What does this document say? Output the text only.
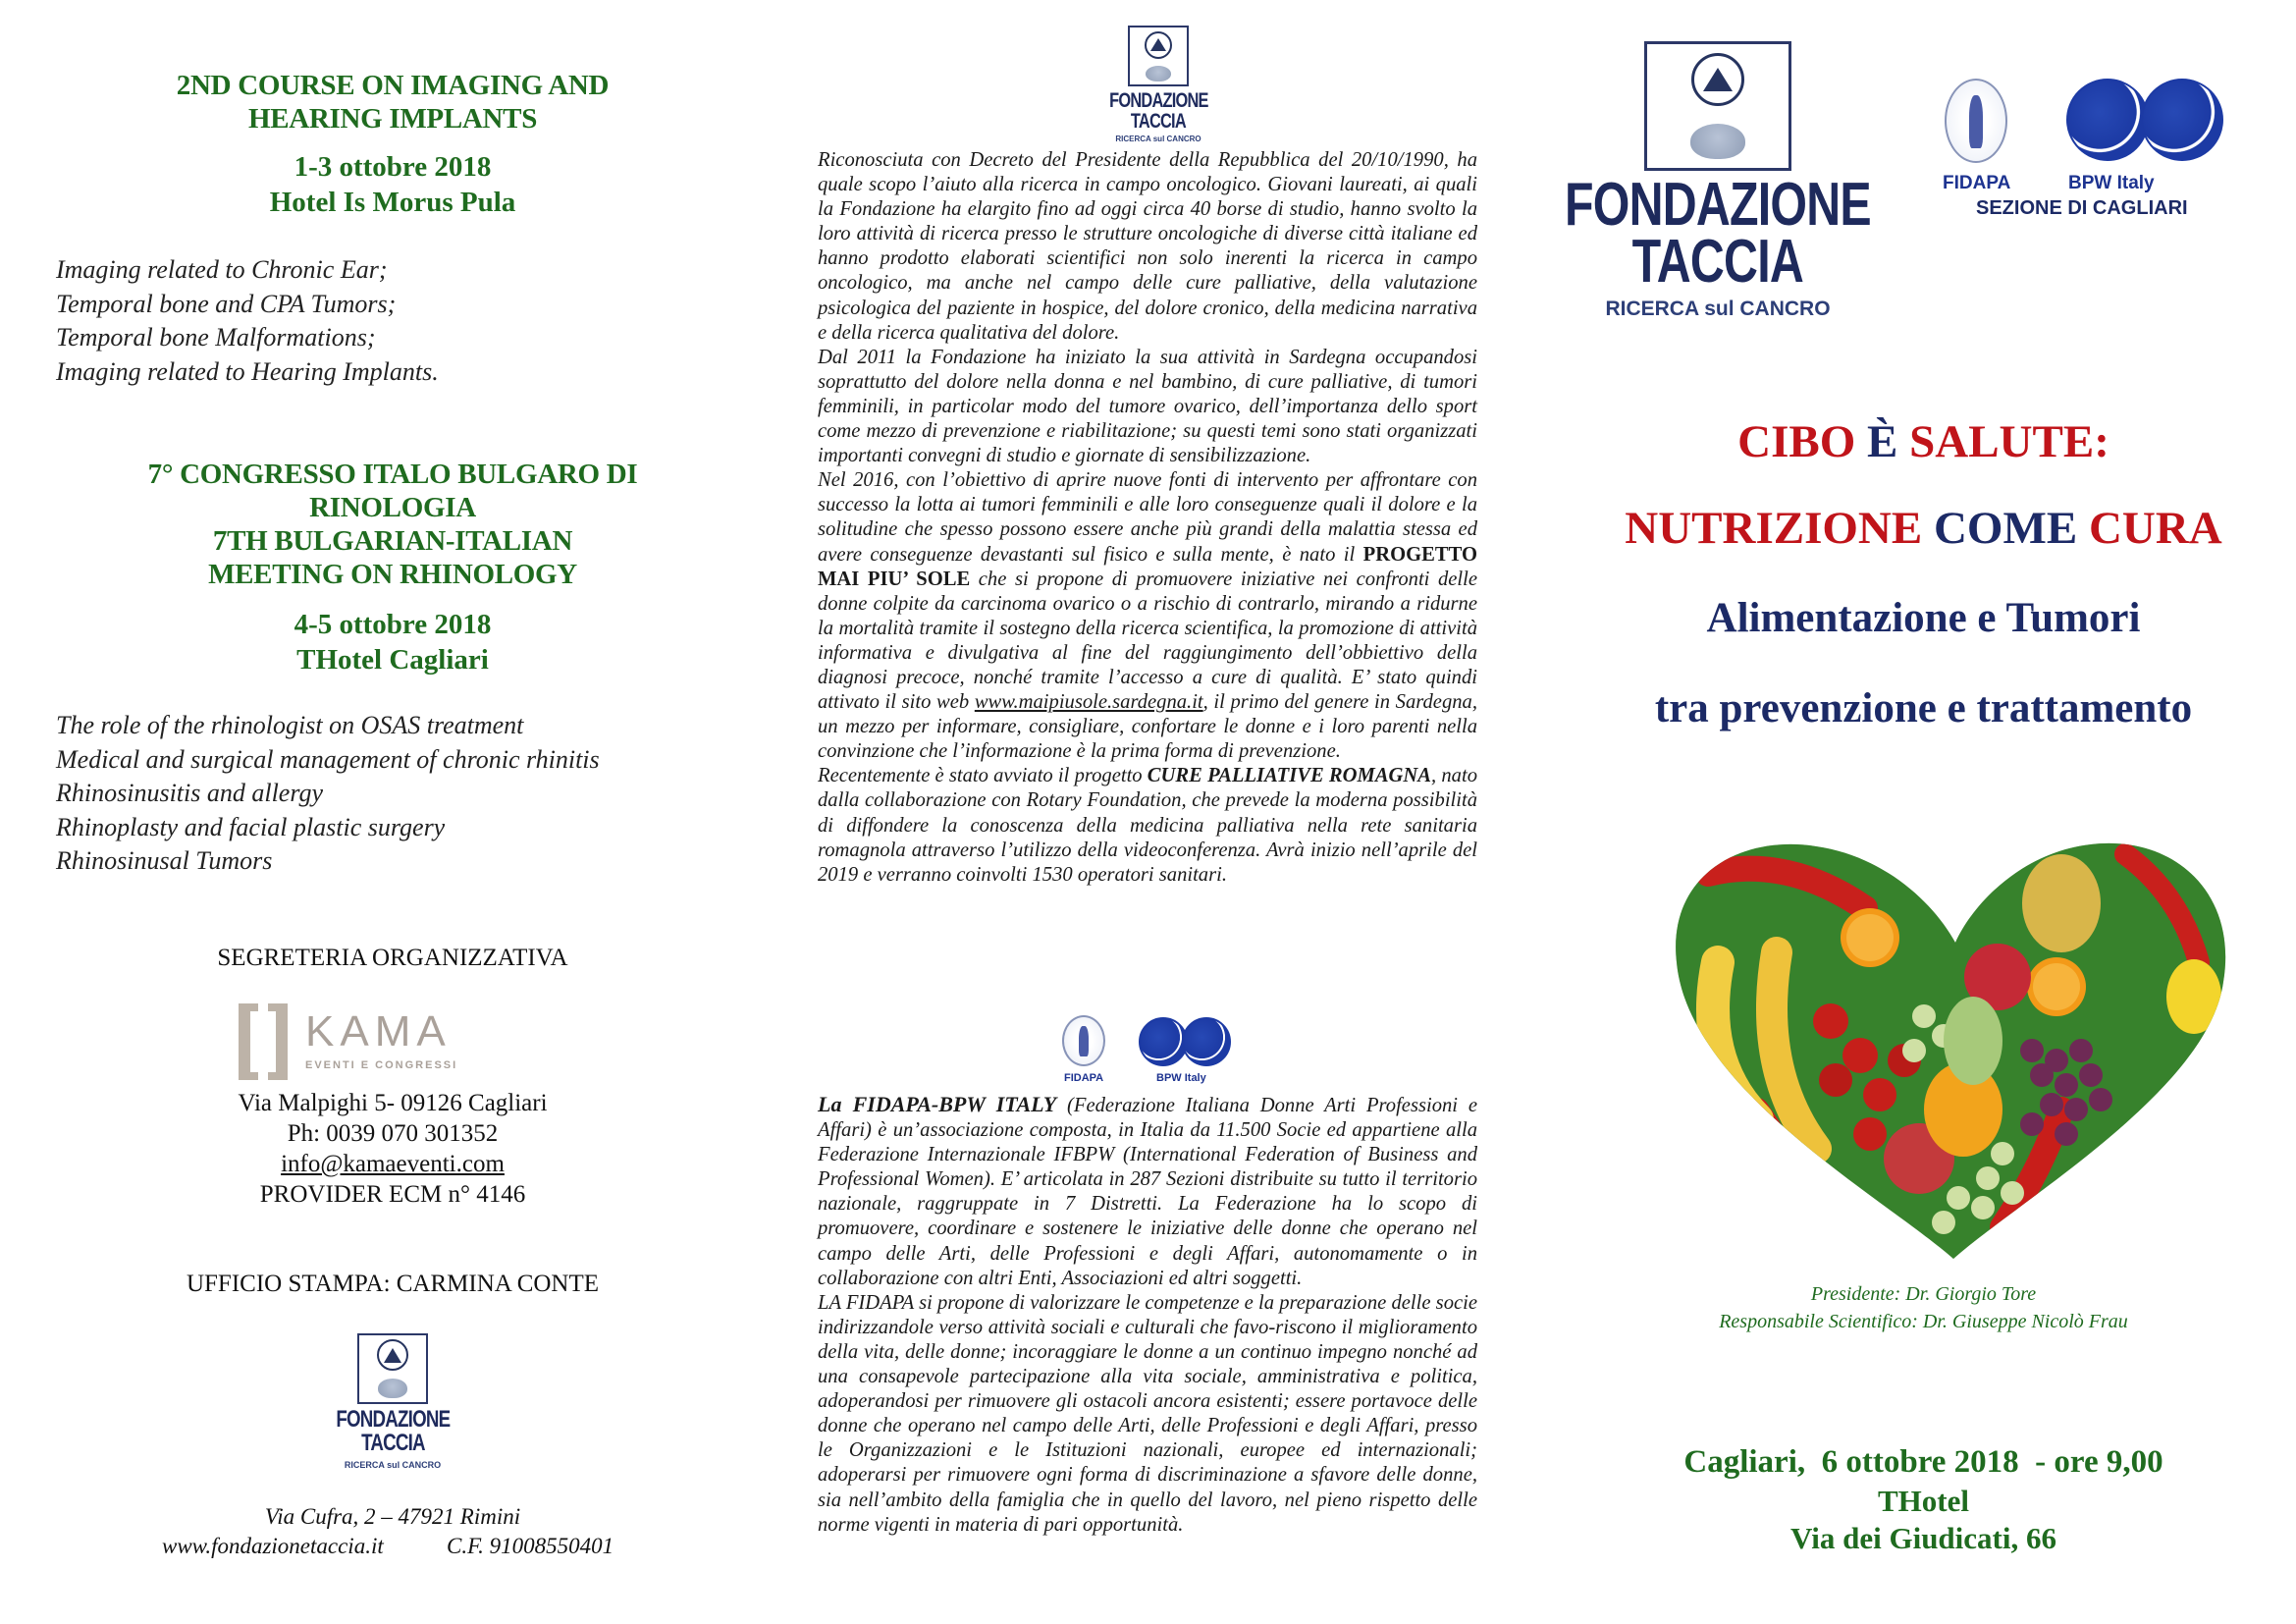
2ND COURSE ON IMAGING AND
HEARING IMPLANTS
1-3 ottobre 2018
Hotel Is Morus Pula
Imaging related to Chronic Ear;
Temporal bone and CPA Tumors;
Temporal bone Malformations;
Imaging related to Hearing Implants.
7° CONGRESSO ITALO BULGARO DI
RINOLOGIA
7TH BULGARIAN-ITALIAN
MEETING ON RHINOLOGY
4-5 ottobre 2018
THotel Cagliari
The role of the rhinologist on OSAS treatment
Medical and surgical management of chronic rhinitis
Rhinosinusitis and allergy
Rhinoplasty and facial plastic surgery
Rhinosinusal Tumors
SEGRETERIA ORGANIZZATIVA
KAMA
EVENTI E CONGRESSI
Via Malpighi 5- 09126 Cagliari
Ph: 0039 070 301352
info@kamaeventi.com
PROVIDER ECM n° 4146
UFFICIO STAMPA: CARMINA CONTE
FONDAZIONE
TACCIA
RICERCA sul CANCRO
Via Cufra, 2 – 47921 Rimini
www.fondazionetaccia.it	C.F. 91008550401
FONDAZIONE
TACCIA
RICERCA sul CANCRO

Riconosciuta con Decreto del Presidente della Repubblica del 20/10/1990, ha quale scopo l’aiuto alla ricerca in campo oncologico. Giovani laureati, ai quali la Fondazione ha elargito fino ad oggi circa 40 borse di studio, hanno svolto la loro attività di ricerca presso le strutture oncologiche di diverse città italiane ed hanno prodotto elaborati scientifici non solo inerenti la ricerca in campo oncologico, ma anche nel campo delle cure palliative, della valutazione psicologica del paziente in hospice, del dolore cronico, della medicina narrativa e della ricerca qualitativa del dolore.

Dal 2011 la Fondazione ha iniziato la sua attività in Sardegna occupandosi soprattutto del dolore nella donna e nel bambino, di cure palliative, di tumori femminili, in particolar modo del tumore ovarico, dell’importanza dello sport come mezzo di prevenzione e riabilitazione; su questi temi sono stati organizzati importanti convegni di studio e giornate di sensibilizzazione.

Nel 2016, con l’obiettivo di aprire nuove fonti di intervento per affrontare con successo la lotta ai tumori femminili e alle loro conseguenze quali il dolore e la solitudine che spesso possono essere anche più grandi della malattia stessa ed avere conseguenze devastanti sul fisico e sulla mente, è nato il PROGETTO MAI PIU’ SOLE che si propone di promuovere iniziative nei confronti delle donne colpite da carcinoma ovarico o a rischio di contrarlo, mirando a ridurne la mortalità tramite il sostegno della ricerca scientifica, la promozione di attività informativa e divulgativa al fine del raggiungimento dell’obbiettivo della diagnosi precoce, nonché tramite l’accesso a cure di qualità. E’ stato quindi attivato il sito web www.maipiusole.sardegna.it, il primo del genere in Sardegna, un mezzo per informare, consigliare, confortare le donne e i loro parenti nella convinzione che l’informazione è la prima forma di prevenzione.

Recentemente è stato avviato il progetto CURE PALLIATIVE ROMAGNA, nato dalla collaborazione con Rotary Foundation, che prevede la moderna possibilità di diffondere la conoscenza della medicina palliativa nella rete sanitaria romagnola attraverso l’utilizzo della videoconferenza. Avrà inizio nell’aprile del 2019 e verranno coinvolti 1530 operatori sanitari.

FIDAPA	BPW Italy

La FIDAPA-BPW ITALY (Federazione Italiana Donne Arti Professioni e Affari) è un’associazione composta, in Italia da 11.500 Socie ed appartiene alla Federazione Internazionale IFBPW (International Federation of Business and Professional Women). E’ articolata in 287 Sezioni distribuite su tutto il territorio nazionale, raggruppate in 7 Distretti. La Federazione ha lo scopo di promuovere, coordinare e sostenere le iniziative delle donne che operano nel campo delle Arti, delle Professioni e degli Affari, autonomamente o in collaborazione con altri Enti, Associazioni ed altri soggetti.

LA FIDAPA si propone di valorizzare le competenze e la preparazione delle socie indirizzandole verso attività sociali e culturali che favo-riscono il miglioramento della vita, delle donne; incoraggiare le donne a un continuo impegno nonché ad una consapevole partecipazione alla vita sociale, amministrativa e politica, adoperandosi per rimuovere gli ostacoli ancora esistenti; essere portavoce delle donne che operano nel campo delle Arti, delle Professioni e degli Affari, presso le Organizzazioni e le Istituzioni nazionali, europee ed internazionali; adoperarsi per rimuovere ogni forma di discriminazione a sfavore delle donne, sia nell’ambito della famiglia che in quello del lavoro, nel pieno rispetto delle norme vigenti in materia di pari opportunità.

FONDAZIONE
TACCIA
RICERCA sul CANCRO
FIDAPA	BPW Italy
SEZIONE DI CAGLIARI
CIBO È SALUTE:
NUTRIZIONE COME CURA
Alimentazione e Tumori
tra prevenzione e trattamento
Presidente: Dr. Giorgio Tore
Responsabile Scientifico: Dr. Giuseppe Nicolò Frau
Cagliari,  6 ottobre 2018  - ore 9,00
THotel
Via dei Giudicati, 66
